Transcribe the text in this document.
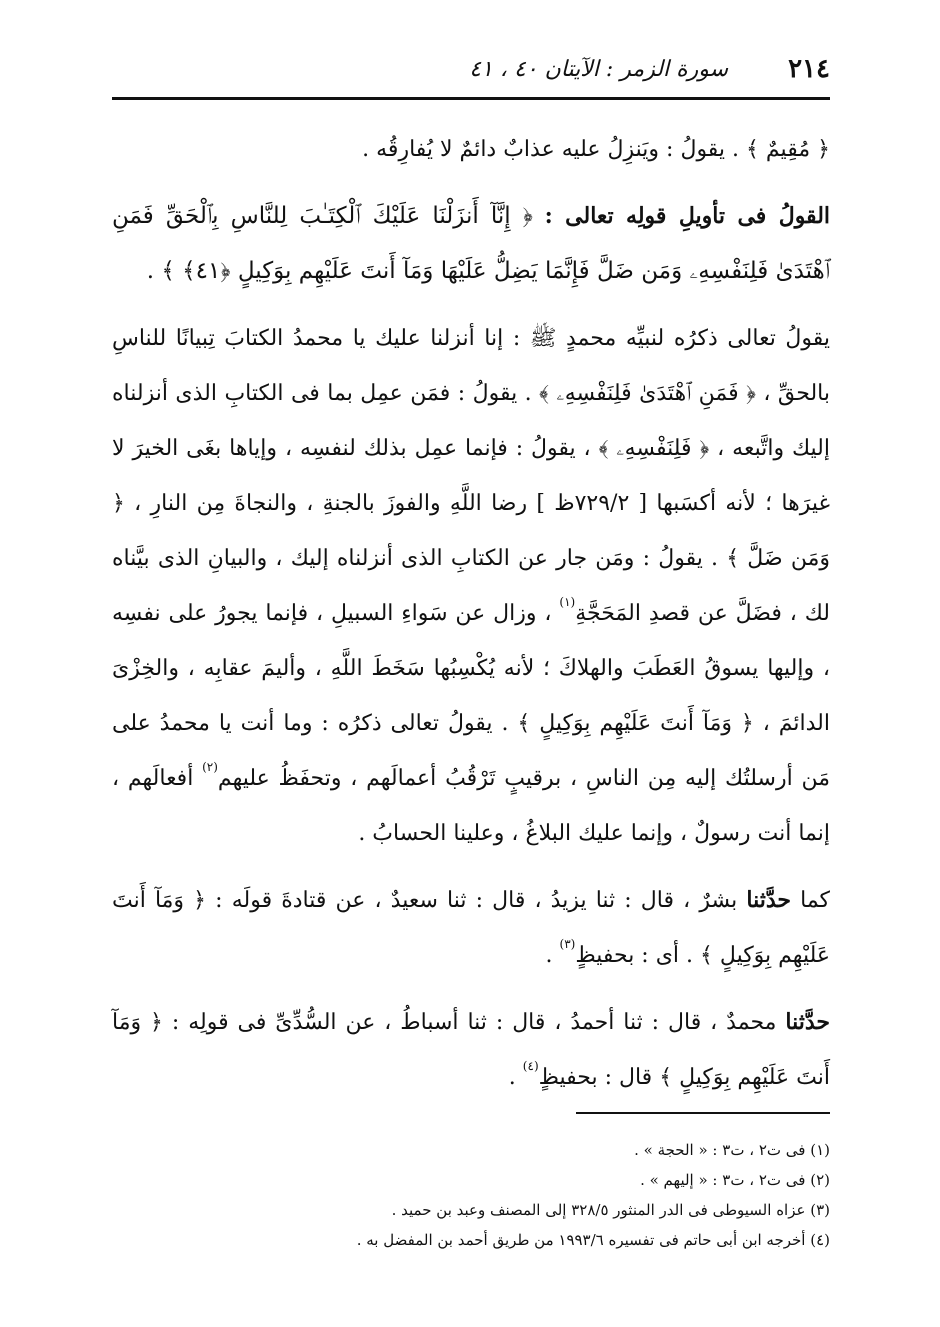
٢١٤
سورة الزمر : الآيتان ٤٠ ، ٤١

﴿ مُقِيمٌ ﴾ . يقولُ : ويَنزِلُ عليه عذابٌ دائمٌ لا يُفارِقُه .

القولُ فى تأويلِ قولِه تعالى : ﴿ إِنَّآ أَنزَلْنَا عَلَيْكَ ٱلْكِتَـٰبَ لِلنَّاسِ بِٱلْحَقِّ فَمَنِ ٱهْتَدَىٰ فَلِنَفْسِهِۦ وَمَن ضَلَّ فَإِنَّمَا يَضِلُّ عَلَيْهَا وَمَآ أَنتَ عَلَيْهِم بِوَكِيلٍ ﴿٤١﴾ ﴾ .

يقولُ تعالى ذكرُه لنبيِّه محمدٍ ﷺ : إنا أنزلنا عليك يا محمدُ الكتابَ تِبيانًا للناسِ بالحقِّ ، ﴿ فَمَنِ ٱهْتَدَىٰ فَلِنَفْسِهِۦ ﴾ . يقولُ : فمَن عمِل بما فى الكتابِ الذى أنزلناه إليك واتَّبعه ، ﴿ فَلِنَفْسِهِۦ ﴾ ، يقولُ : فإنما عمِل بذلك لنفسِه ، وإياها بغَى الخيرَ لا غيرَها ؛ لأنه أكسَبها [ ٧٢٩/٢ظ ] رضا اللَّهِ والفوزَ بالجنةِ ، والنجاةَ مِن النارِ ، ﴿ وَمَن ضَلَّ ﴾ . يقولُ : ومَن جار عن الكتابِ الذى أنزلناه إليك ، والبيانِ الذى بيَّناه لك ، فضَلَّ عن قصدِ المَحَجَّةِ$^{(١)}$ ، وزال عن سَواءِ السبيلِ ، فإنما يجورُ على نفسِه ، وإليها يسوقُ العَطَبَ والهلاكَ ؛ لأنه يُكْسِبُها سَخَطَ اللَّهِ ، وأليمَ عقابِه ، والخِزْىَ الدائمَ ، ﴿ وَمَآ أَنتَ عَلَيْهِم بِوَكِيلٍ ﴾ . يقولُ تعالى ذكرُه : وما أنت يا محمدُ على مَن أرسلتُك إليه مِن الناسِ ، برقيبٍ تَرْقُبُ أعمالَهم ، وتحفَظُ عليهم$^{(٢)}$ أفعالَهم ، إنما أنت رسولٌ ، وإنما عليك البلاغُ ، وعلينا الحسابُ .

كما حدَّثنا بشرٌ ، قال : ثنا يزيدُ ، قال : ثنا سعيدٌ ، عن قتادةَ قولَه : ﴿ وَمَآ أَنتَ عَلَيْهِم بِوَكِيلٍ ﴾ . أى : بحفيظٍ$^{(٣)}$ .

حدَّثنا محمدٌ ، قال : ثنا أحمدُ ، قال : ثنا أسباطُ ، عن السُّدِّىِّ فى قولِه : ﴿ وَمَآ أَنتَ عَلَيْهِم بِوَكِيلٍ ﴾ قال : بحفيظٍ$^{(٤)}$ .

(١) فى ت٢ ، ت٣ : « الحجة » .
(٢) فى ت٢ ، ت٣ : « إليهم » .
(٣) عزاه السيوطى فى الدر المنثور ٣٢٨/٥ إلى المصنف وعبد بن حميد .
(٤) أخرجه ابن أبى حاتم فى تفسيره ١٩٩٣/٦ من طريق أحمد بن المفضل به .
